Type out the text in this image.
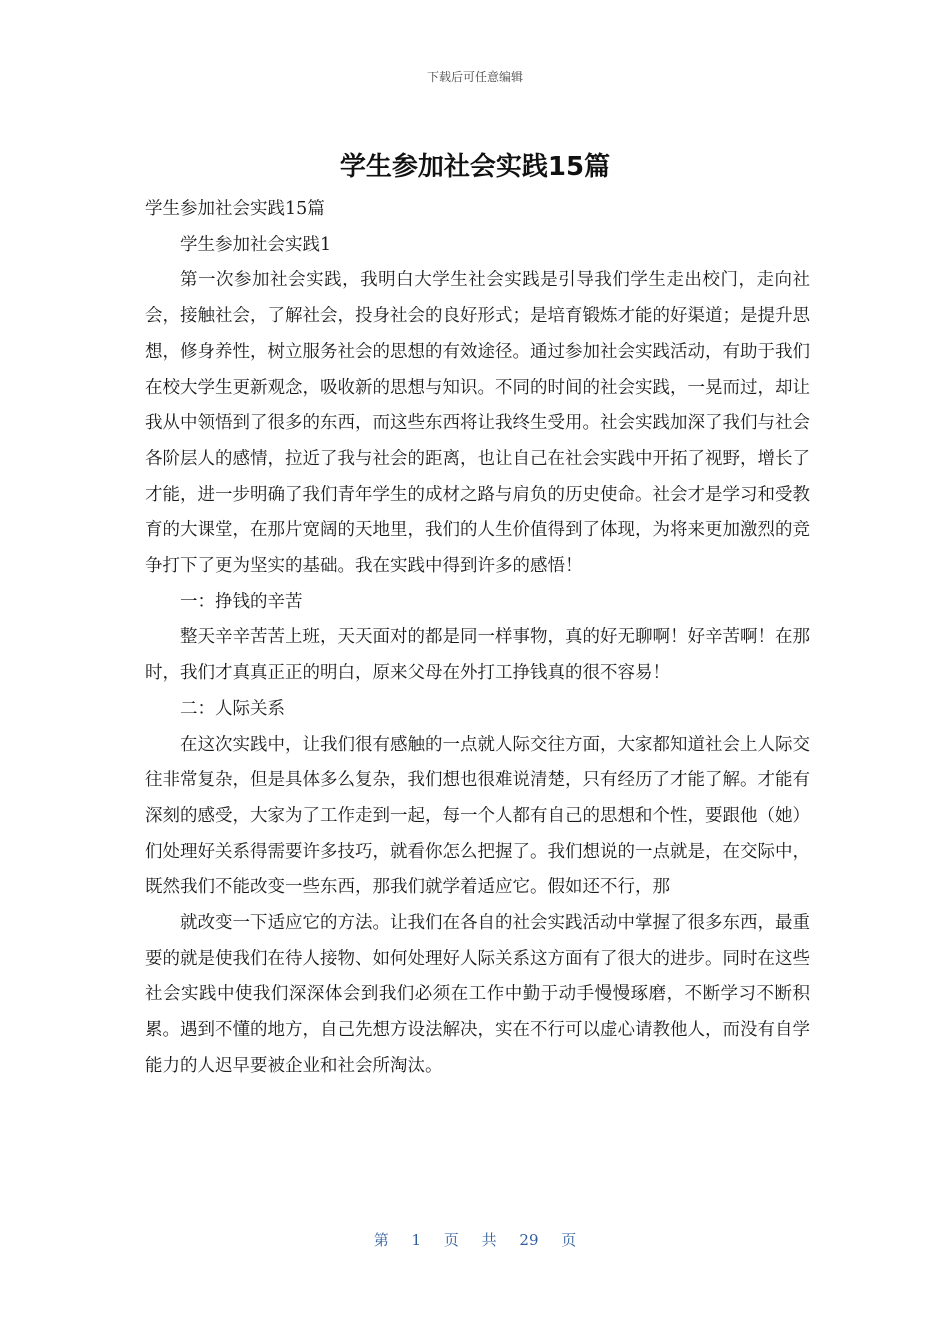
下载后可任意编辑
学生参加社会实践15篇

学生参加社会实践15篇

学生参加社会实践1

第一次参加社会实践，我明白大学生社会实践是引导我们学生走出校门，走向社会，接触社会，了解社会，投身社会的良好形式；是培育锻炼才能的好渠道；是提升思想，修身养性，树立服务社会的思想的有效途径。通过参加社会实践活动，有助于我们在校大学生更新观念，吸收新的思想与知识。不同的时间的社会实践，一晃而过，却让我从中领悟到了很多的东西，而这些东西将让我终生受用。社会实践加深了我们与社会各阶层人的感情，拉近了我与社会的距离，也让自己在社会实践中开拓了视野，增长了才能，进一步明确了我们青年学生的成材之路与肩负的历史使命。社会才是学习和受教育的大课堂，在那片宽阔的天地里，我们的人生价值得到了体现，为将来更加激烈的竞争打下了更为坚实的基础。我在实践中得到许多的感悟！

一：挣钱的辛苦

整天辛辛苦苦上班，天天面对的都是同一样事物，真的好无聊啊！好辛苦啊！在那时，我们才真真正正的明白，原来父母在外打工挣钱真的很不容易！

二：人际关系

在这次实践中，让我们很有感触的一点就人际交往方面，大家都知道社会上人际交往非常复杂，但是具体多么复杂，我们想也很难说清楚，只有经历了才能了解。才能有深刻的感受，大家为了工作走到一起，每一个人都有自己的思想和个性，要跟他（她）们处理好关系得需要许多技巧，就看你怎么把握了。我们想说的一点就是，在交际中，既然我们不能改变一些东西，那我们就学着适应它。假如还不行，那

就改变一下适应它的方法。让我们在各自的社会实践活动中掌握了很多东西，最重要的就是使我们在待人接物、如何处理好人际关系这方面有了很大的进步。同时在这些社会实践中使我们深深体会到我们必须在工作中勤于动手慢慢琢磨，不断学习不断积累。遇到不懂的地方，自己先想方设法解决，实在不行可以虚心请教他人，而没有自学能力的人迟早要被企业和社会所淘汰。

第 1 页 共 29 页
